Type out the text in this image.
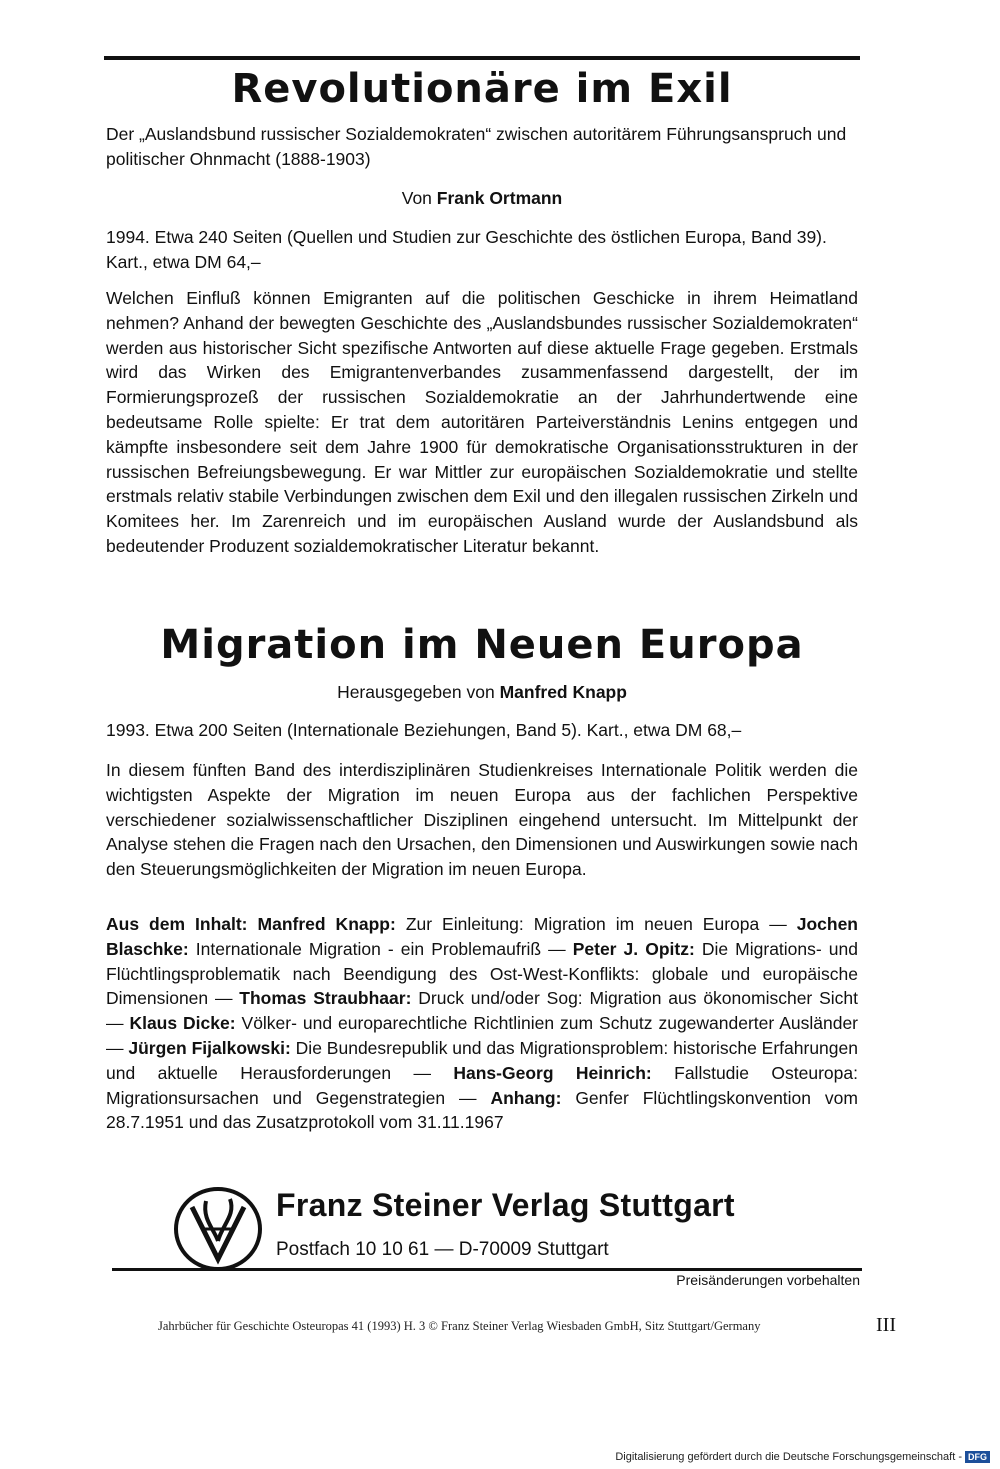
Revolutionäre im Exil

Der „Auslandsbund russischer Sozialdemokraten“ zwischen autoritärem Führungsanspruch und politischer Ohnmacht (1888-1903)

Von Frank Ortmann

1994. Etwa 240 Seiten (Quellen und Studien zur Geschichte des östlichen Europa, Band 39). Kart., etwa DM 64,–

Welchen Einfluß können Emigranten auf die politischen Geschicke in ihrem Heimatland nehmen? Anhand der bewegten Geschichte des „Auslandsbundes russischer Sozialdemokraten“ werden aus historischer Sicht spezifische Antworten auf diese aktuelle Frage gegeben. Erstmals wird das Wirken des Emigrantenverbandes zusammenfassend dargestellt, der im Formierungsprozeß der russischen Sozialdemokratie an der Jahrhundertwende eine bedeutsame Rolle spielte: Er trat dem autoritären Parteiverständnis Lenins entgegen und kämpfte insbesondere seit dem Jahre 1900 für demokratische Organisationsstrukturen in der russischen Befreiungsbewegung. Er war Mittler zur europäischen Sozialdemokratie und stellte erstmals relativ stabile Verbindungen zwischen dem Exil und den illegalen russischen Zirkeln und Komitees her. Im Zarenreich und im europäischen Ausland wurde der Auslandsbund als bedeutender Produzent sozialdemokratischer Literatur bekannt.

Migration im Neuen Europa

Herausgegeben von Manfred Knapp

1993. Etwa 200 Seiten (Internationale Beziehungen, Band 5). Kart., etwa DM 68,–

In diesem fünften Band des interdisziplinären Studienkreises Internationale Politik werden die wichtigsten Aspekte der Migration im neuen Europa aus der fachlichen Perspektive verschiedener sozialwissenschaftlicher Disziplinen eingehend untersucht. Im Mittelpunkt der Analyse stehen die Fragen nach den Ursachen, den Dimensionen und Auswirkungen sowie nach den Steuerungsmöglichkeiten der Migration im neuen Europa.

Aus dem Inhalt: Manfred Knapp: Zur Einleitung: Migration im neuen Europa — Jochen Blaschke: Internationale Migration - ein Problemaufriß — Peter J. Opitz: Die Migrations- und Flüchtlingsproblematik nach Beendigung des Ost-West-Konflikts: globale und europäische Dimensionen — Thomas Straubhaar: Druck und/oder Sog: Migration aus ökonomischer Sicht — Klaus Dicke: Völker- und europarechtliche Richtlinien zum Schutz zugewanderter Ausländer — Jürgen Fijalkowski: Die Bundesrepublik und das Migrationsproblem: historische Erfahrungen und aktuelle Herausforderungen — Hans-Georg Heinrich: Fallstudie Osteuropa: Migrationsursachen und Gegenstrategien — Anhang: Genfer Flüchtlingskonvention vom 28.7.1951 und das Zusatzprotokoll vom 31.11.1967

Franz Steiner Verlag Stuttgart
Postfach 10 10 61 — D-70009 Stuttgart
Preisänderungen vorbehalten
Jahrbücher für Geschichte Osteuropas 41 (1993) H. 3 © Franz Steiner Verlag Wiesbaden GmbH, Sitz Stuttgart/Germany	III
Digitalisierung gefördert durch die Deutsche Forschungsgemeinschaft - DFG
